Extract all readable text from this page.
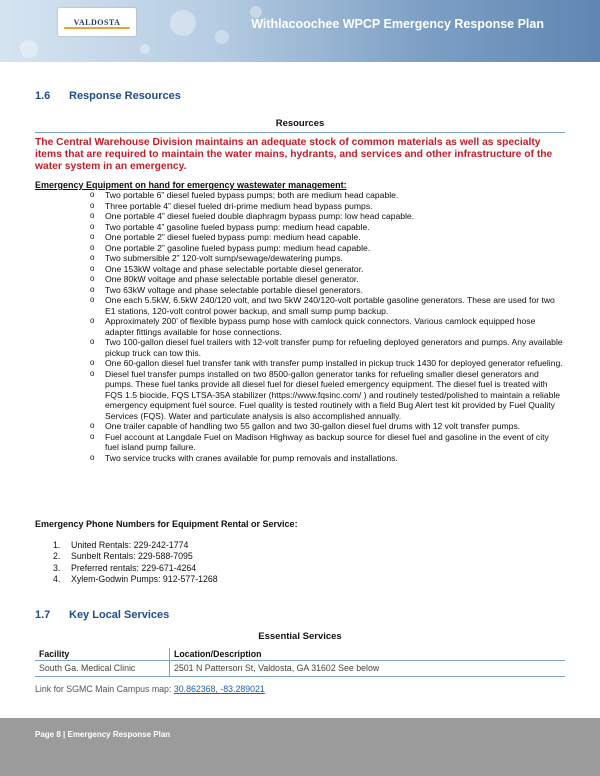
VALDOSTA	Withlacoochee WPCP Emergency Response Plan
1.6 Response Resources
Resources

The Central Warehouse Division maintains an adequate stock of common materials as well as specialty items that are required to maintain the water mains, hydrants, and services and other infrastructure of the water system in an emergency.

Emergency Equipment on hand for emergency wastewater management:
o Two portable 6” diesel fueled bypass pumps; both are medium head capable.
o Three portable 4” diesel fueled dri-prime medium head bypass pumps.
o One portable 4” diesel fueled double diaphragm bypass pump: low head capable.
o Two portable 4” gasoline fueled bypass pump: medium head capable.
o One portable 2” diesel fueled bypass pump: medium head capable.
o One portable 2” gasoline fueled bypass pump: medium head capable.
o Two submersible 2” 120-volt sump/sewage/dewatering pumps.
o One 153kW voltage and phase selectable portable diesel generator.
o One 80kW voltage and phase selectable portable diesel generator.
o Two 63kW voltage and phase selectable portable diesel generators.
o One each 5.5kW, 6.5kW 240/120 volt, and two 5kW 240/120-volt portable gasoline generators. These are used for two E1 stations, 120-volt control power backup, and small sump pump backup.
o Approximately 200’ of flexible bypass pump hose with camlock quick connectors. Various camlock equipped hose adapter fittings available for hose connections.
o Two 100-gallon diesel fuel trailers with 12-volt transfer pump for refueling deployed generators and pumps. Any available pickup truck can tow this.
o One 60-gallon diesel fuel transfer tank with transfer pump installed in pickup truck 1430 for deployed generator refueling.
o Diesel fuel transfer pumps installed on two 8500-gallon generator tanks for refueling smaller diesel generators and pumps. These fuel tanks provide all diesel fuel for diesel fueled emergency equipment. The diesel fuel is treated with FQS 1.5 biocide, FQS LTSA-35A stabilizer (https://www.fqsinc.com/ ) and routinely tested/polished to maintain a reliable emergency equipment fuel source. Fuel quality is tested routinely with a field Bug Alert test kit provided by Fuel Quality Services (FQS). Water and particulate analysis is also accomplished annually.
o One trailer capable of handling two 55 gallon and two 30-gallon diesel fuel drums with 12 volt transfer pumps.
o Fuel account at Langdale Fuel on Madison Highway as backup source for diesel fuel and gasoline in the event of city fuel island pump failure.
o Two service trucks with cranes available for pump removals and installations.
Emergency Phone Numbers for Equipment Rental or Service:
1. United Rentals: 229-242-1774
2. Sunbelt Rentals: 229-588-7095
3. Preferred rentals: 229-671-4264
4. Xylem-Godwin Pumps: 912-577-1268
1.7 Key Local Services
Essential Services
Facility	Location/Description
South Ga. Medical Clinic	2501 N Patterson St, Valdosta, GA 31602 See below
Link for SGMC Main Campus map: 30.862368, -83.289021
Page 8 | Emergency Response Plan
